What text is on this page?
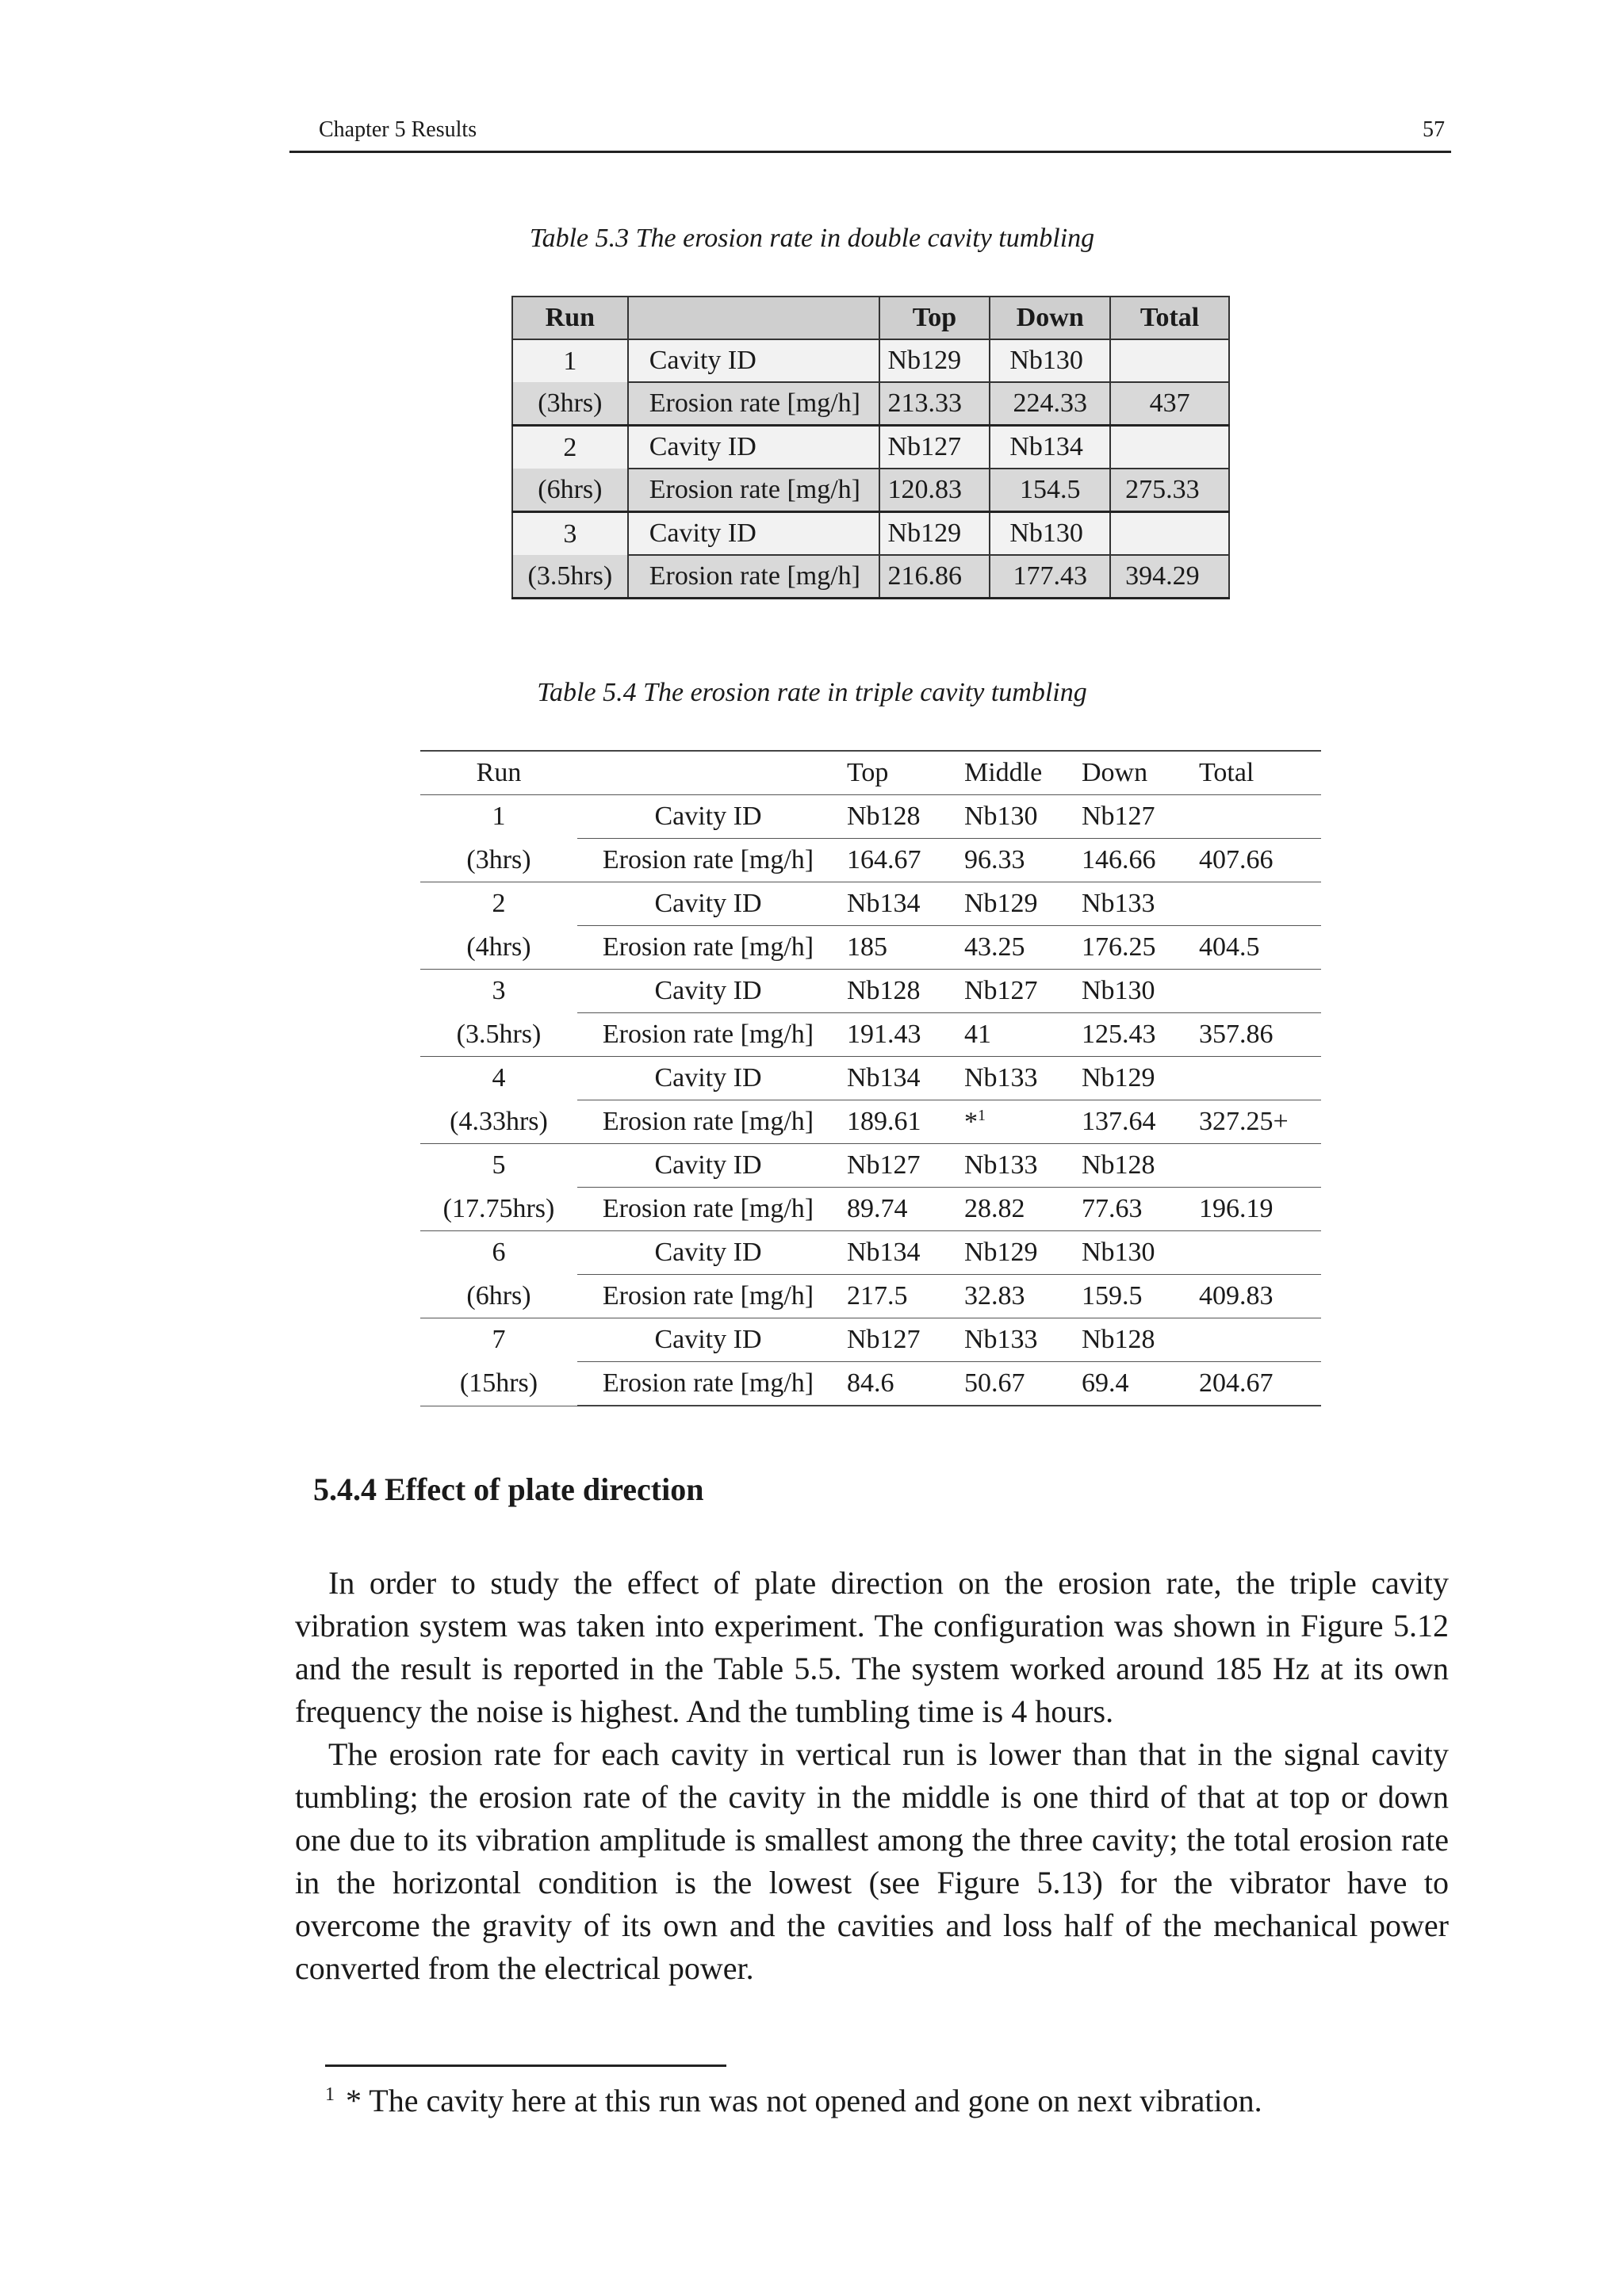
Chapter 5 Results	57
Table 5.3 The erosion rate in double cavity tumbling
Run		Top	Down	Total
1	Cavity ID	Nb129	Nb130	
(3hrs)	Erosion rate [mg/h]	213.33	224.33	437
2	Cavity ID	Nb127	Nb134	
(6hrs)	Erosion rate [mg/h]	120.83	154.5	275.33
3	Cavity ID	Nb129	Nb130	
(3.5hrs)	Erosion rate [mg/h]	216.86	177.43	394.29
Table 5.4 The erosion rate in triple cavity tumbling
Run		Top	Middle	Down	Total
1	Cavity ID	Nb128	Nb130	Nb127	
(3hrs)	Erosion rate [mg/h]	164.67	96.33	146.66	407.66
2	Cavity ID	Nb134	Nb129	Nb133	
(4hrs)	Erosion rate [mg/h]	185	43.25	176.25	404.5
3	Cavity ID	Nb128	Nb127	Nb130	
(3.5hrs)	Erosion rate [mg/h]	191.43	41	125.43	357.86
4	Cavity ID	Nb134	Nb133	Nb129	
(4.33hrs)	Erosion rate [mg/h]	189.61	*$^1$	137.64	327.25+
5	Cavity ID	Nb127	Nb133	Nb128	
(17.75hrs)	Erosion rate [mg/h]	89.74	28.82	77.63	196.19
6	Cavity ID	Nb134	Nb129	Nb130	
(6hrs)	Erosion rate [mg/h]	217.5	32.83	159.5	409.83
7	Cavity ID	Nb127	Nb133	Nb128	
(15hrs)	Erosion rate [mg/h]	84.6	50.67	69.4	204.67
5.4.4 Effect of plate direction

In order to study the effect of plate direction on the erosion rate, the triple cavity vibration system was taken into experiment. The configuration was shown in Figure 5.12 and the result is reported in the Table 5.5. The system worked around 185 Hz at its own frequency the noise is highest. And the tumbling time is 4 hours.

The erosion rate for each cavity in vertical run is lower than that in the signal cavity tumbling; the erosion rate of the cavity in the middle is one third of that at top or down one due to its vibration amplitude is smallest among the three cavity; the total erosion rate in the horizontal condition is the lowest (see Figure 5.13) for the vibrator have to overcome the gravity of its own and the cavities and loss half of the mechanical power converted from the electrical power.

$^1$ * The cavity here at this run was not opened and gone on next vibration.
